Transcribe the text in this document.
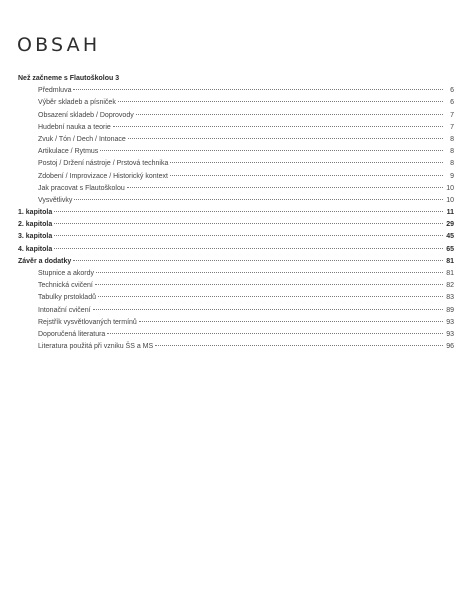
OBSAH
Než začneme s Flautoškolou 3
Předmluva	6
Výběr skladeb a písniček	6
Obsazení skladeb / Doprovody	7
Hudební nauka a teorie	7
Zvuk / Tón / Dech / Intonace	8
Artikulace / Rytmus	8
Postoj / Držení nástroje / Prstová technika	8
Zdobení / Improvizace / Historický kontext	9
Jak pracovat s Flautoškolou	10
Vysvětlivky	10
1. kapitola	11
2. kapitola	29
3. kapitola	45
4. kapitola	65
Závěr a dodatky	81
Stupnice a akordy	81
Technická cvičení	82
Tabulky prstokladů	83
Intonační cvičení	89
Rejstřík vysvětlovaných termínů	93
Doporučená literatura	93
Literatura použitá při vzniku ŠS a MS	96
